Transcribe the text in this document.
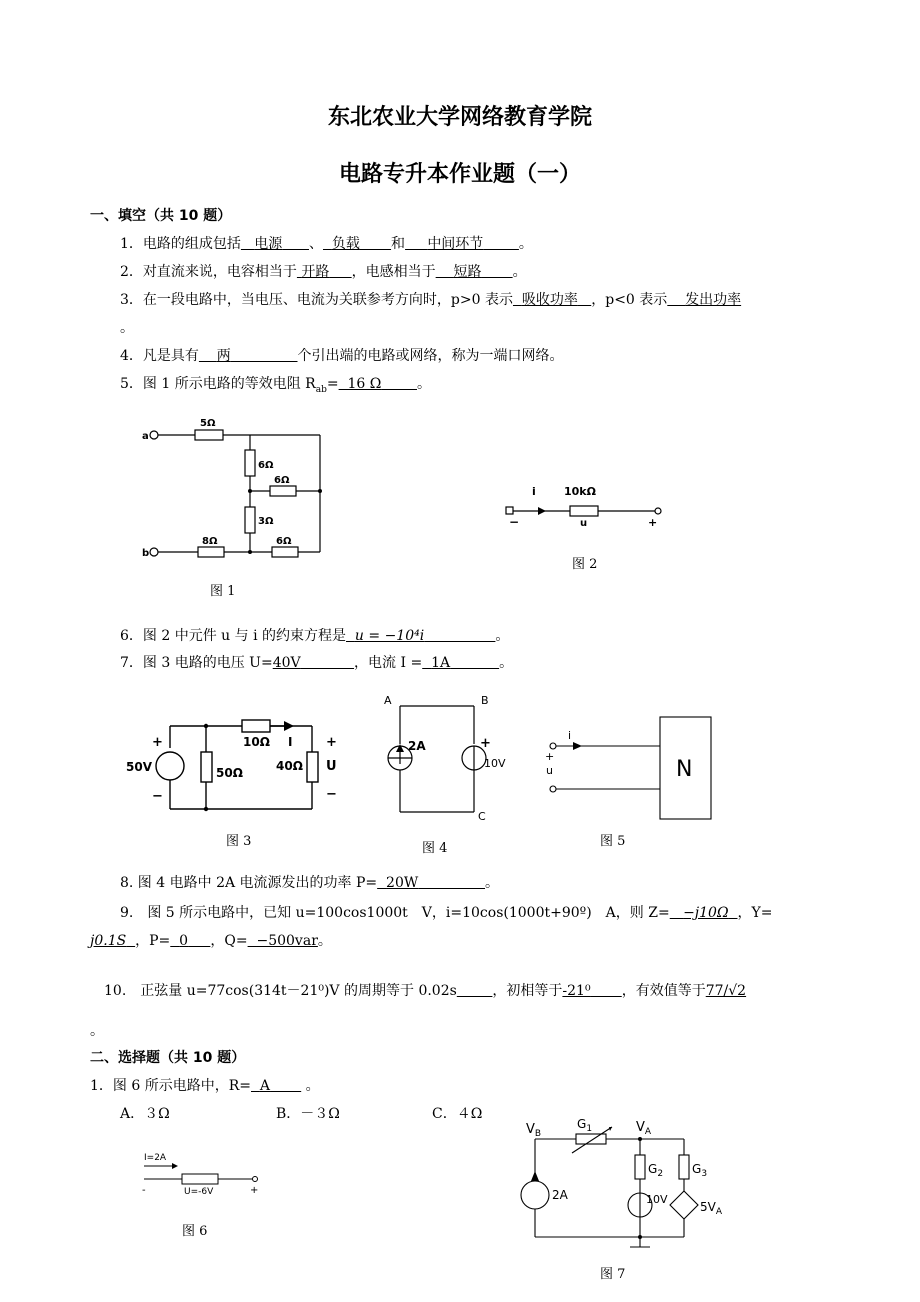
东北农业大学网络教育学院
电路专升本作业题（一）
一、填空（共 10 题）
1．电路的组成包括 电源 、 负载 和 中间环节	。
2．对直流来说，电容相当于 开路 ，电感相当于 短路 。
3．在一段电路中，当电压、电流为关联参考方向时，p>0 表示 吸收功率 ，p<0 表示 发出功率
。
4．凡是具有 两	个引出端的电路或网络，称为一端口网络。
5．图 1 所示电路的等效电阻 $R_{ab}= 16$ Ω	。
a
b
5Ω
6Ω
6Ω
3Ω
8Ω	6Ω
图 1
i	10kΩ
u
−	+
图 2
6．图 2 中元件 u 与 i 的约束方程是 u = −10⁴i	。
7．图 3 电路的电压 U=40V	，电流 I = 1A	。
+
−
50V	50Ω
10Ω I
40Ω
+
U
−
图 3
A	B
C
2A	+
10V
图 4
i
+
u	N
图 5
8. 图 4 电路中 2A 电流源发出的功率 P= 20W	。
9.　图 5 所示电路中，已知 u=100cos1000t　V，i=10cos(1000t+90º)　A，则 Z= −j10Ω ，Y=
j0.1S ，P= 0 ，Q= −500var。
10.　正弦量 u=77cos(314t－21⁰)V 的周期等于 0.02s	，初相等于-21⁰ ，有效值等于77/√2
。
二、选择题（共 10 题）
1．图 6 所示电路中，R= A	。
A．３Ω	B．－３Ω	C．４Ω
I=2A
U=-6V
-	+
图 6
$V_B$
$G_1$	$V_A$
$G_2$ $G_3$
2A	10V
$5V_A$
图 7
